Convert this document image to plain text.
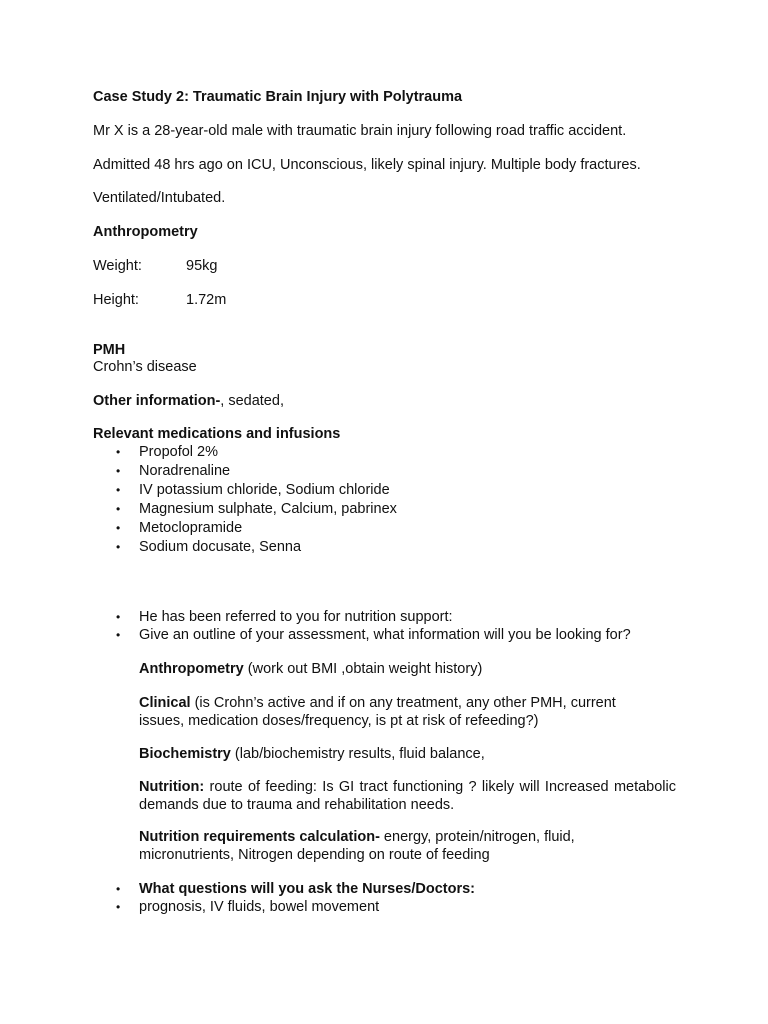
Case Study 2: Traumatic Brain Injury with Polytrauma
Mr X is a 28-year-old male with traumatic brain injury following road traffic accident.
Admitted 48 hrs ago on ICU, Unconscious, likely spinal injury. Multiple body fractures.
Ventilated/Intubated.
Anthropometry
Weight:	95kg
Height:	1.72m
PMH
Crohn’s disease
Other information-, sedated,
Relevant medications and infusions
• Propofol 2%
• Noradrenaline
• IV potassium chloride, Sodium chloride
• Magnesium sulphate, Calcium, pabrinex
• Metoclopramide
• Sodium docusate, Senna
• He has been referred to you for nutrition support:
• Give an outline of your assessment, what information will you be looking for?
Anthropometry (work out BMI ,obtain weight history)
Clinical (is Crohn’s active and if on any treatment, any other PMH, current issues, medication doses/frequency, is pt at risk of refeeding?)
Biochemistry (lab/biochemistry results, fluid balance,
Nutrition: route of feeding: Is GI tract functioning ? likely will Increased metabolic demands due to trauma and rehabilitation needs.
Nutrition requirements calculation- energy, protein/nitrogen, fluid, micronutrients, Nitrogen depending on route of feeding
• What questions will you ask the Nurses/Doctors:
• prognosis, IV fluids, bowel movement
